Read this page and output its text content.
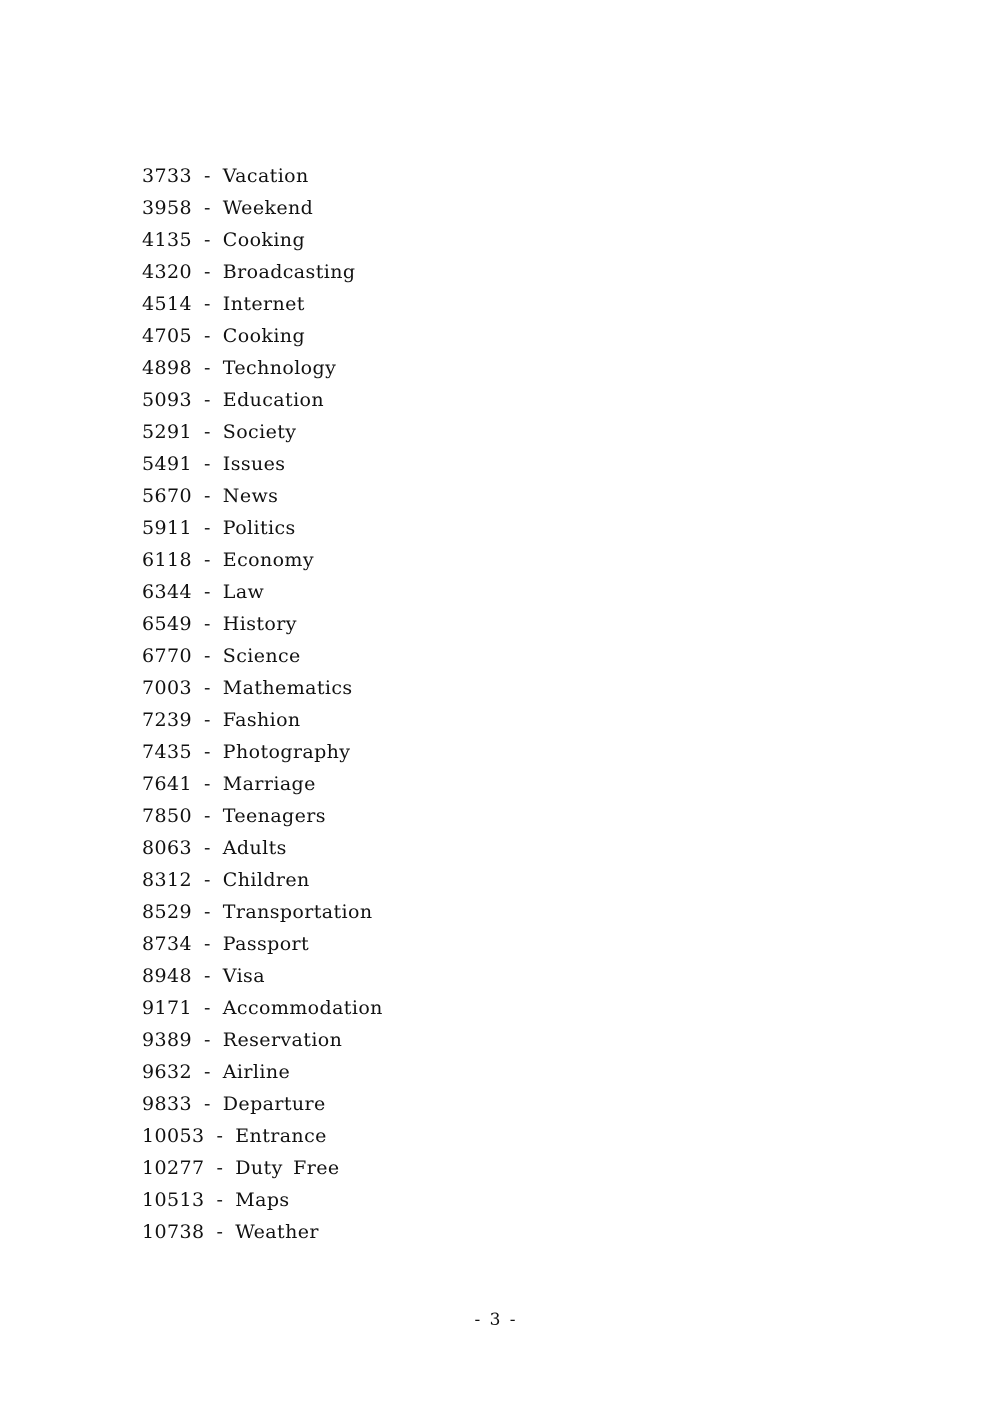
3733 - Vacation
3958 - Weekend
4135 - Cooking
4320 - Broadcasting
4514 - Internet
4705 - Cooking
4898 - Technology
5093 - Education
5291 - Society
5491 - Issues
5670 - News
5911 - Politics
6118 - Economy
6344 - Law
6549 - History
6770 - Science
7003 - Mathematics
7239 - Fashion
7435 - Photography
7641 - Marriage
7850 - Teenagers
8063 - Adults
8312 - Children
8529 - Transportation
8734 - Passport
8948 - Visa
9171 - Accommodation
9389 - Reservation
9632 - Airline
9833 - Departure
10053 - Entrance
10277 - Duty Free
10513 - Maps
10738 - Weather
- 3 -
